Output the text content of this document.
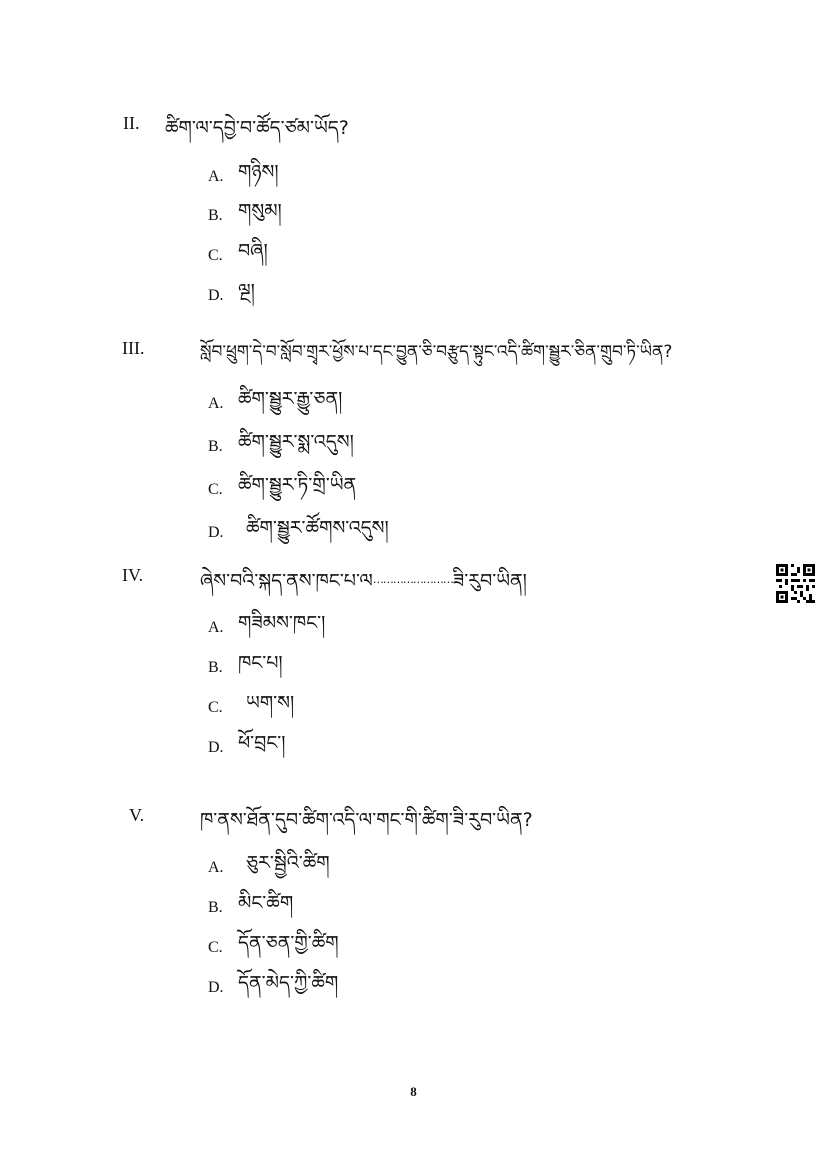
II. ཚིག་ལ་དབྱེ་བ་ཚོད་ཙམ་ཡོད?
A. གཉིས།
B. གསུམ།
C. བཞི།
D. ལྔ།
III.	སློབ་ཕྲུག་དེ་བ་སློབ་གྲྭར་ཕྱོས་པ་དང་བྱུན་ཅི་བརྩུད་སྟུང་འདི་ཚིག་སྦྱུར་ཅིན་གྲུབ་ཏི་ཡིན?
A. ཚིག་སྦྱུར་རྒྱུ་ཅན།
B. ཚིག་སྦྱུར་སྨ་འདུས།
C. ཚིག་སྦྱུར་ཏི་གྲི་ཡིན
D. ཚིག་སྦྱུར་ཚོགས་འདུས།
IV.	ཞེས་བའི་སྐད་ནས་ཁང་པ་ལ……………………ཟི་རུབ་ཡིན།
A. གཟིམས་ཁང་།
B. ཁང་པ།
C. ཡག་ས།
D. ཕོ་བྲང་།
V.	ཁ་ནས་ཐོན་དུབ་ཚིག་འདི་ལ་གང་གི་ཚིག་ཟི་རུབ་ཡིན?
A. ཅུར་སྦྱིའི་ཚིག
B. མིང་ཚིག
C. དོན་ཅན་གྱི་ཚིག
D. དོན་མེད་ཀྱི་ཚིག
8
